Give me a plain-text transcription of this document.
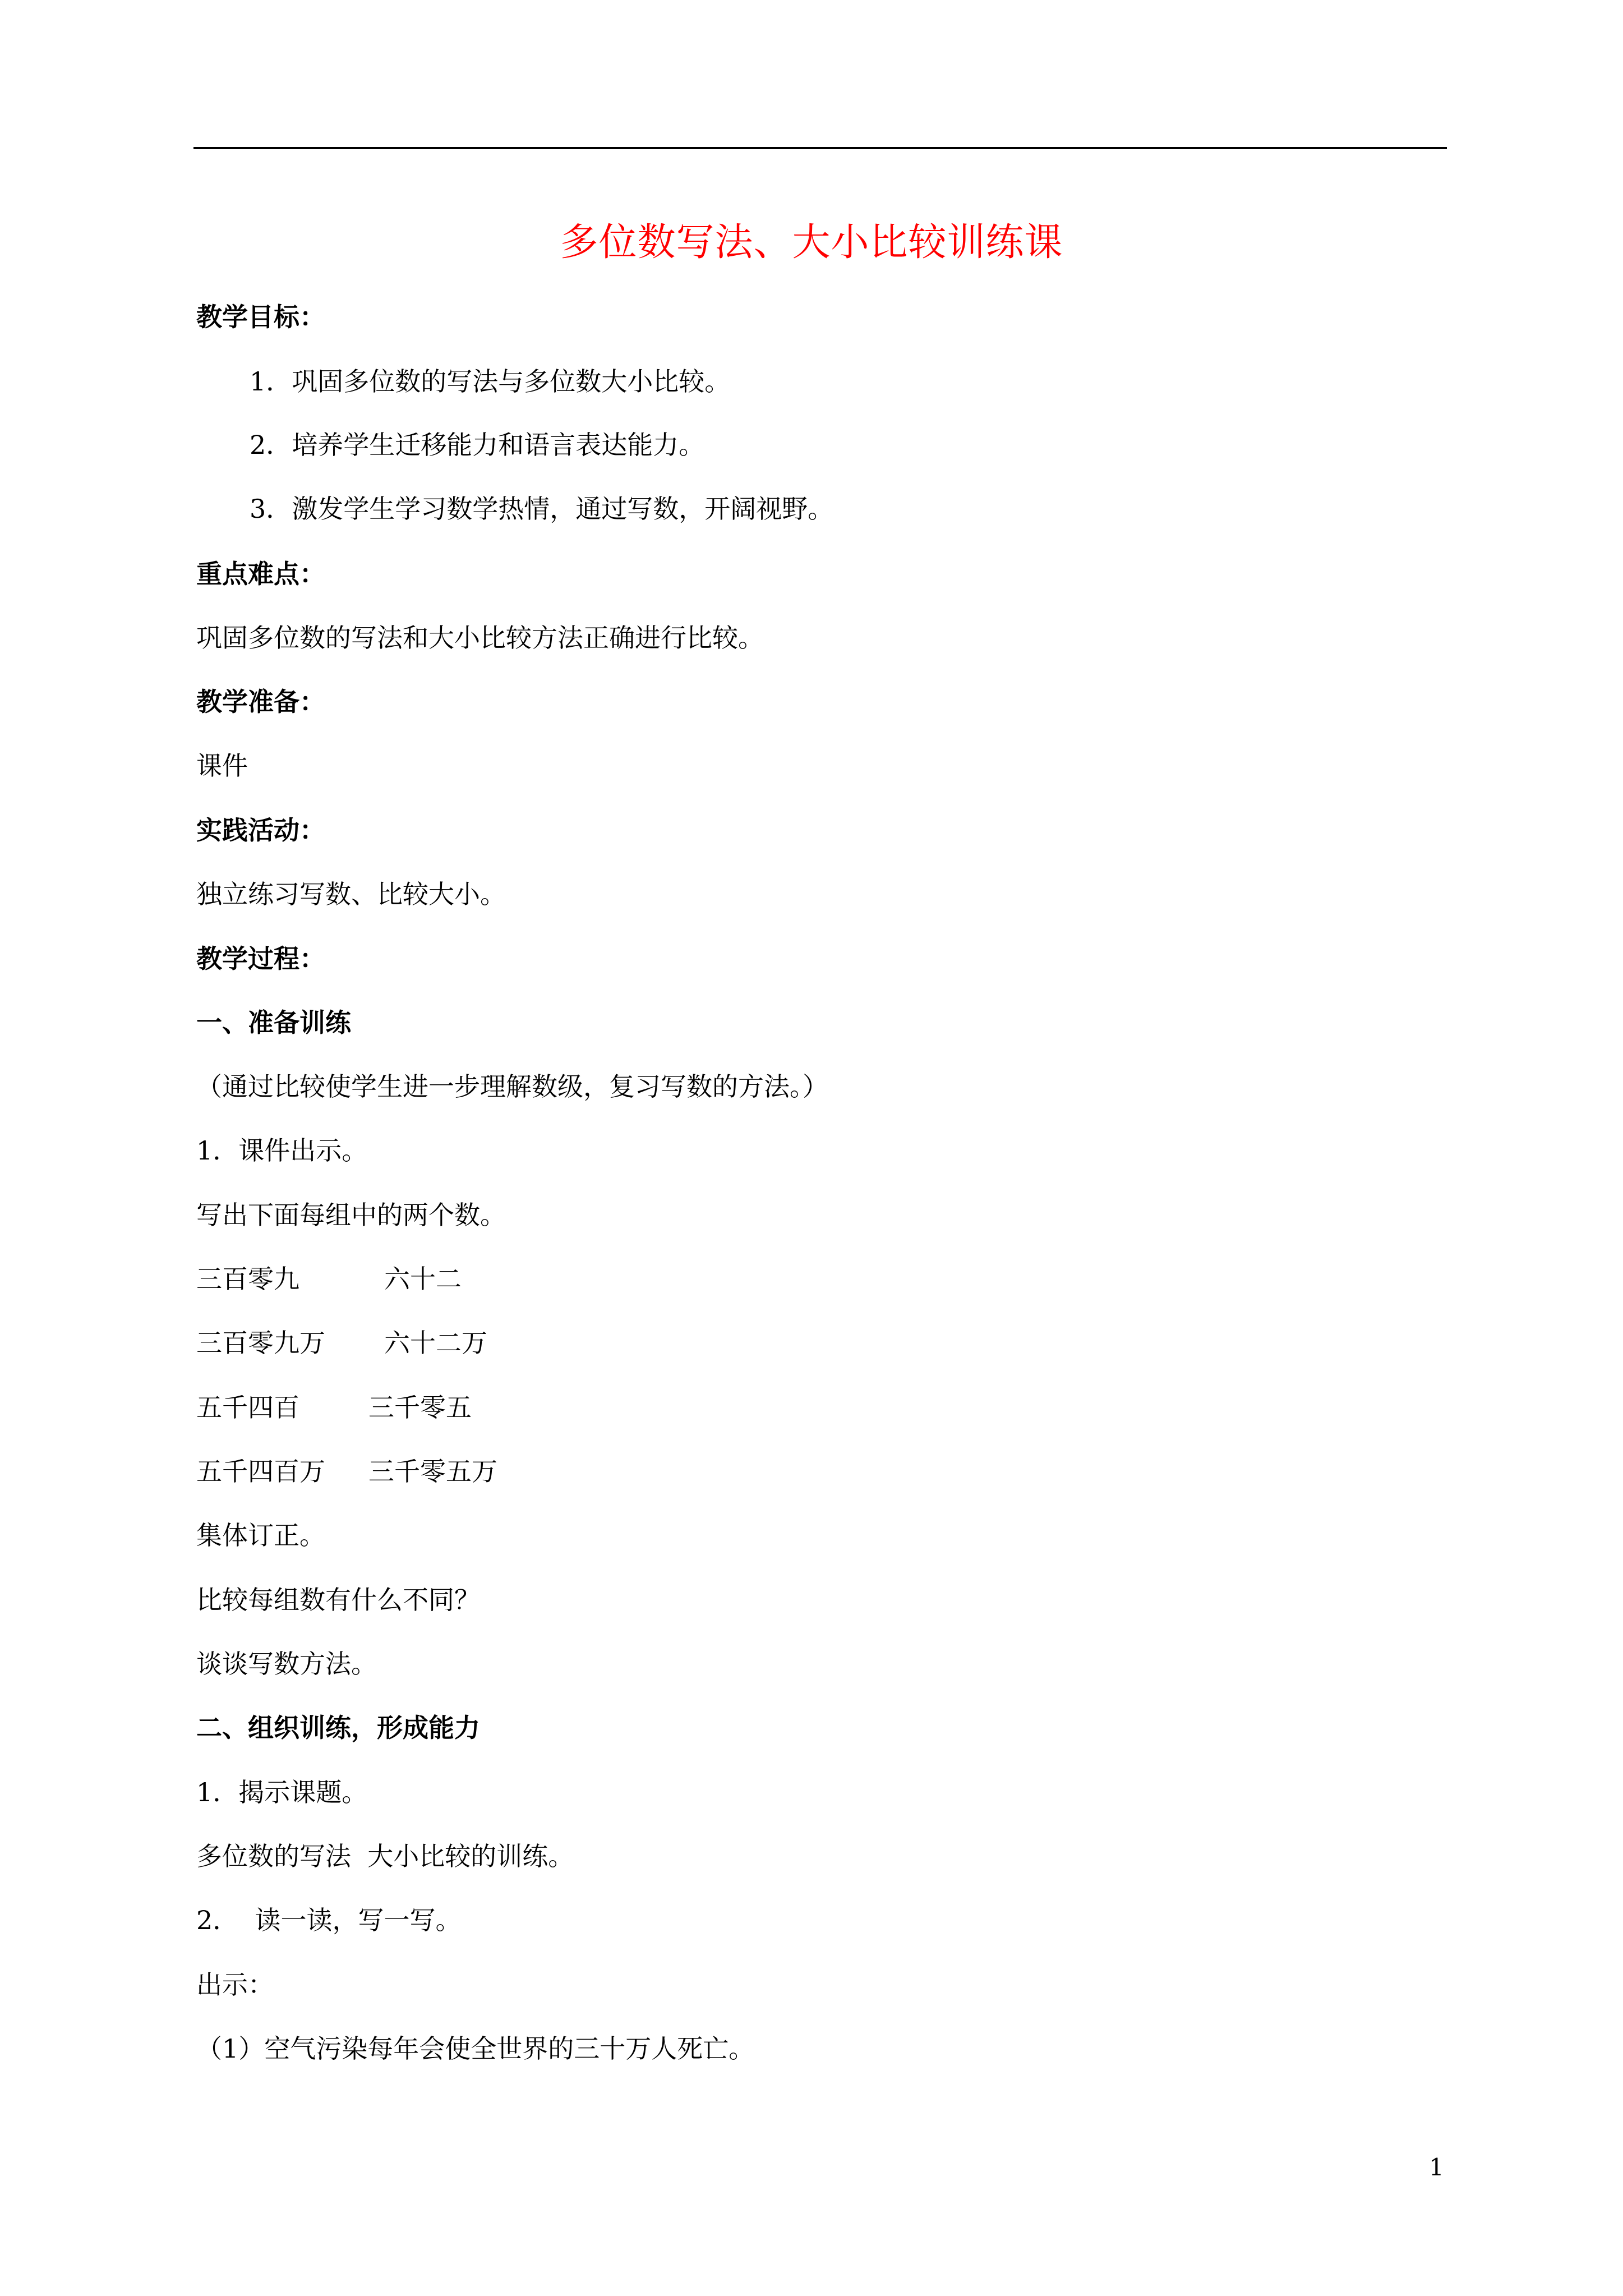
多位数写法、大小比较训练课
教学目标：
1．巩固多位数的写法与多位数大小比较。
2．培养学生迁移能力和语言表达能力。
3．激发学生学习数学热情，通过写数，开阔视野。
重点难点：
巩固多位数的写法和大小比较方法正确进行比较。
教学准备：
课件
实践活动：
独立练习写数、比较大小。
教学过程：
一、准备训练
（通过比较使学生进一步理解数级，复习写数的方法。）
1．课件出示。
写出下面每组中的两个数。
三百零九	六十二
三百零九万 六十二万
五千四百	三千零五
五千四百万 三千零五万
集体订正。
比较每组数有什么不同？
谈谈写数方法。
二、组织训练，形成能力
1．揭示课题。
多位数的写法  大小比较的训练。
2．  读一读，写一写。
出示：
（1）空气污染每年会使全世界的三十万人死亡。
1
